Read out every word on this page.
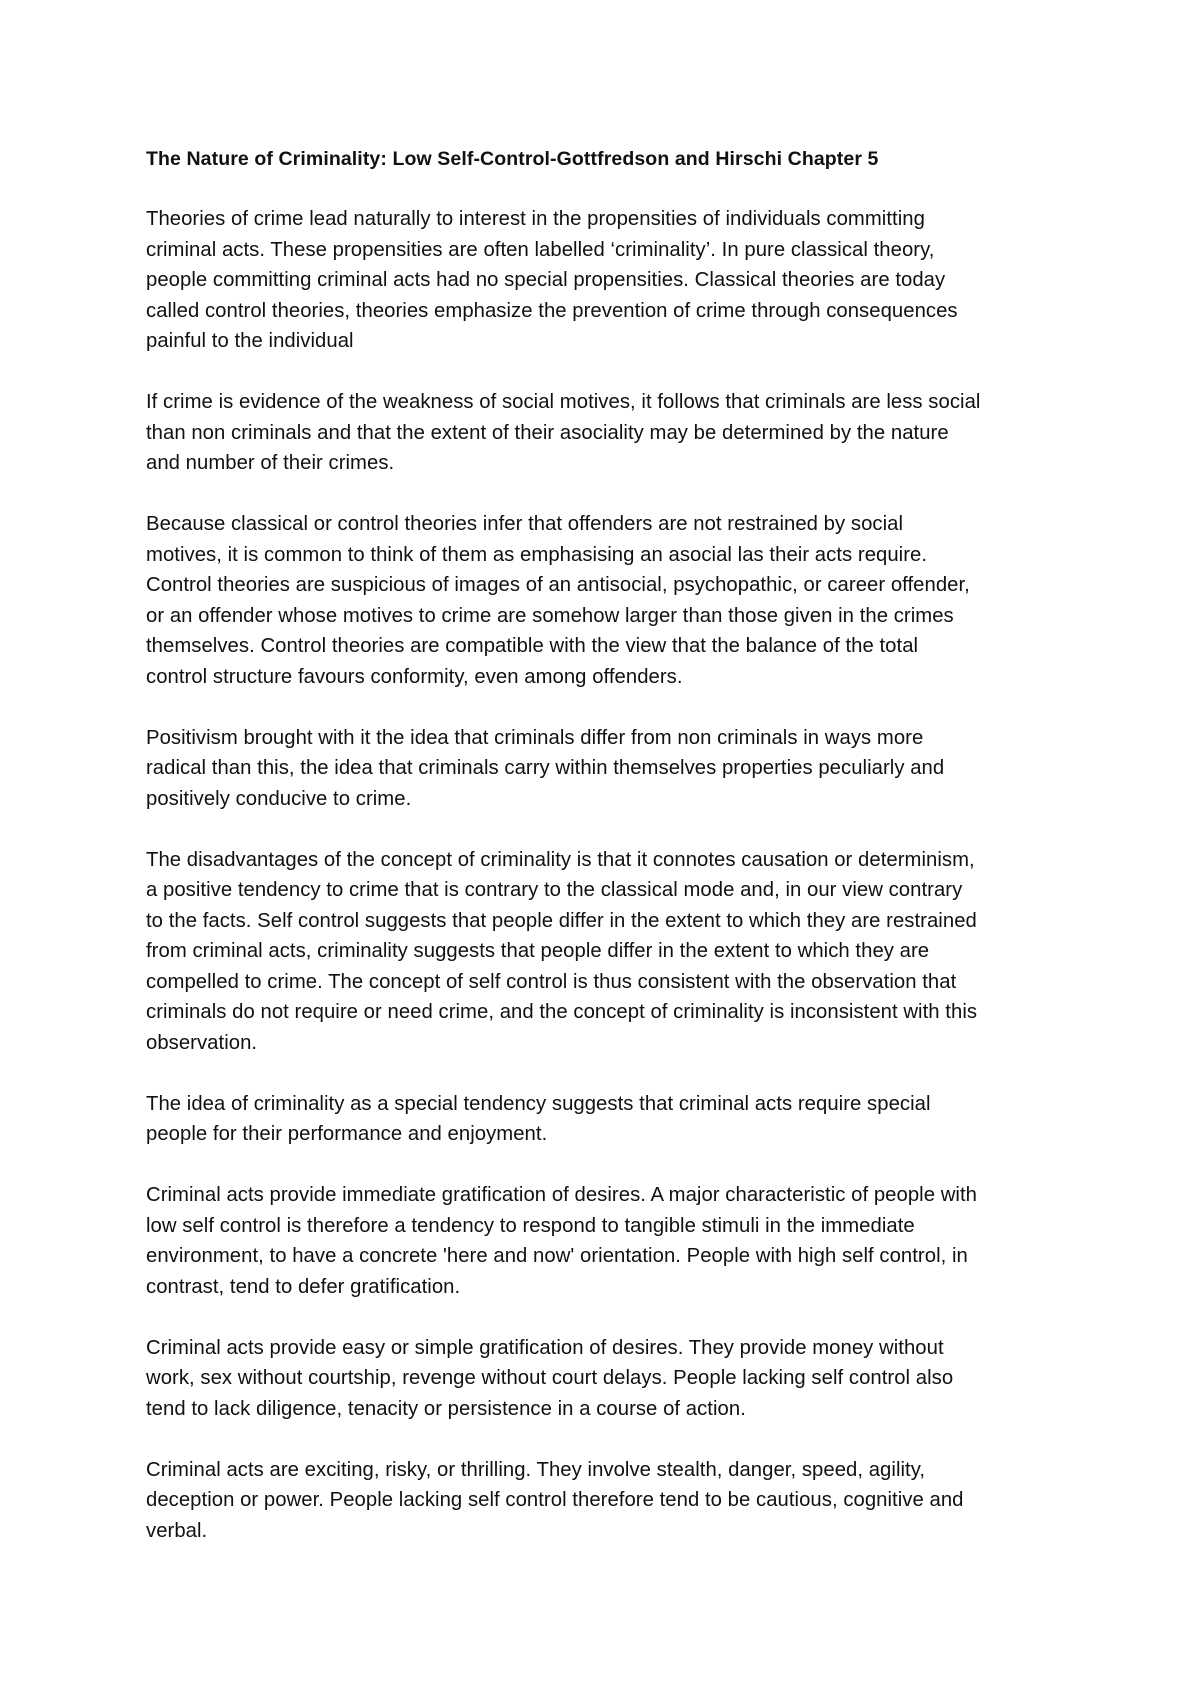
The Nature of Criminality: Low Self-Control-Gottfredson and Hirschi Chapter 5
Theories of crime lead naturally to interest in the propensities of individuals committing
criminal acts. These propensities are often labelled ‘criminality’. In pure classical theory,
people committing criminal acts had no special propensities. Classical theories are today
called control theories, theories emphasize the prevention of crime through consequences
painful to the individual
If crime is evidence of the weakness of social motives, it follows that criminals are less social
than non criminals and that the extent of their asociality may be determined by the nature
and number of their crimes.
Because classical or control theories infer that offenders are not restrained by social
motives, it is common to think of them as emphasising an asocial las their acts require.
Control theories are suspicious of images of an antisocial, psychopathic, or career offender,
or an offender whose motives to crime are somehow larger than those given in the crimes
themselves. Control theories are compatible with the view that the balance of the total
control structure favours conformity, even among offenders.
Positivism brought with it the idea that criminals differ from non criminals in ways more
radical than this, the idea that criminals carry within themselves properties peculiarly and
positively conducive to crime.
The disadvantages of the concept of criminality is that it connotes causation or determinism,
a positive tendency to crime that is contrary to the classical mode and, in our view contrary
to the facts. Self control suggests that people differ in the extent to which they are restrained
from criminal acts, criminality suggests that people differ in the extent to which they are
compelled to crime. The concept of self control is thus consistent with the observation that
criminals do not require or need crime, and the concept of criminality is inconsistent with this
observation.
The idea of criminality as a special tendency suggests that criminal acts require special
people for their performance and enjoyment.
Criminal acts provide immediate gratification of desires. A major characteristic of people with
low self control is therefore a tendency to respond to tangible stimuli in the immediate
environment, to have a concrete 'here and now' orientation. People with high self control, in
contrast, tend to defer gratification.
Criminal acts provide easy or simple gratification of desires. They provide money without
work, sex without courtship, revenge without court delays. People lacking self control also
tend to lack diligence, tenacity or persistence in a course of action.
Criminal acts are exciting, risky, or thrilling. They involve stealth, danger, speed, agility,
deception or power. People lacking self control therefore tend to be cautious, cognitive and
verbal.
